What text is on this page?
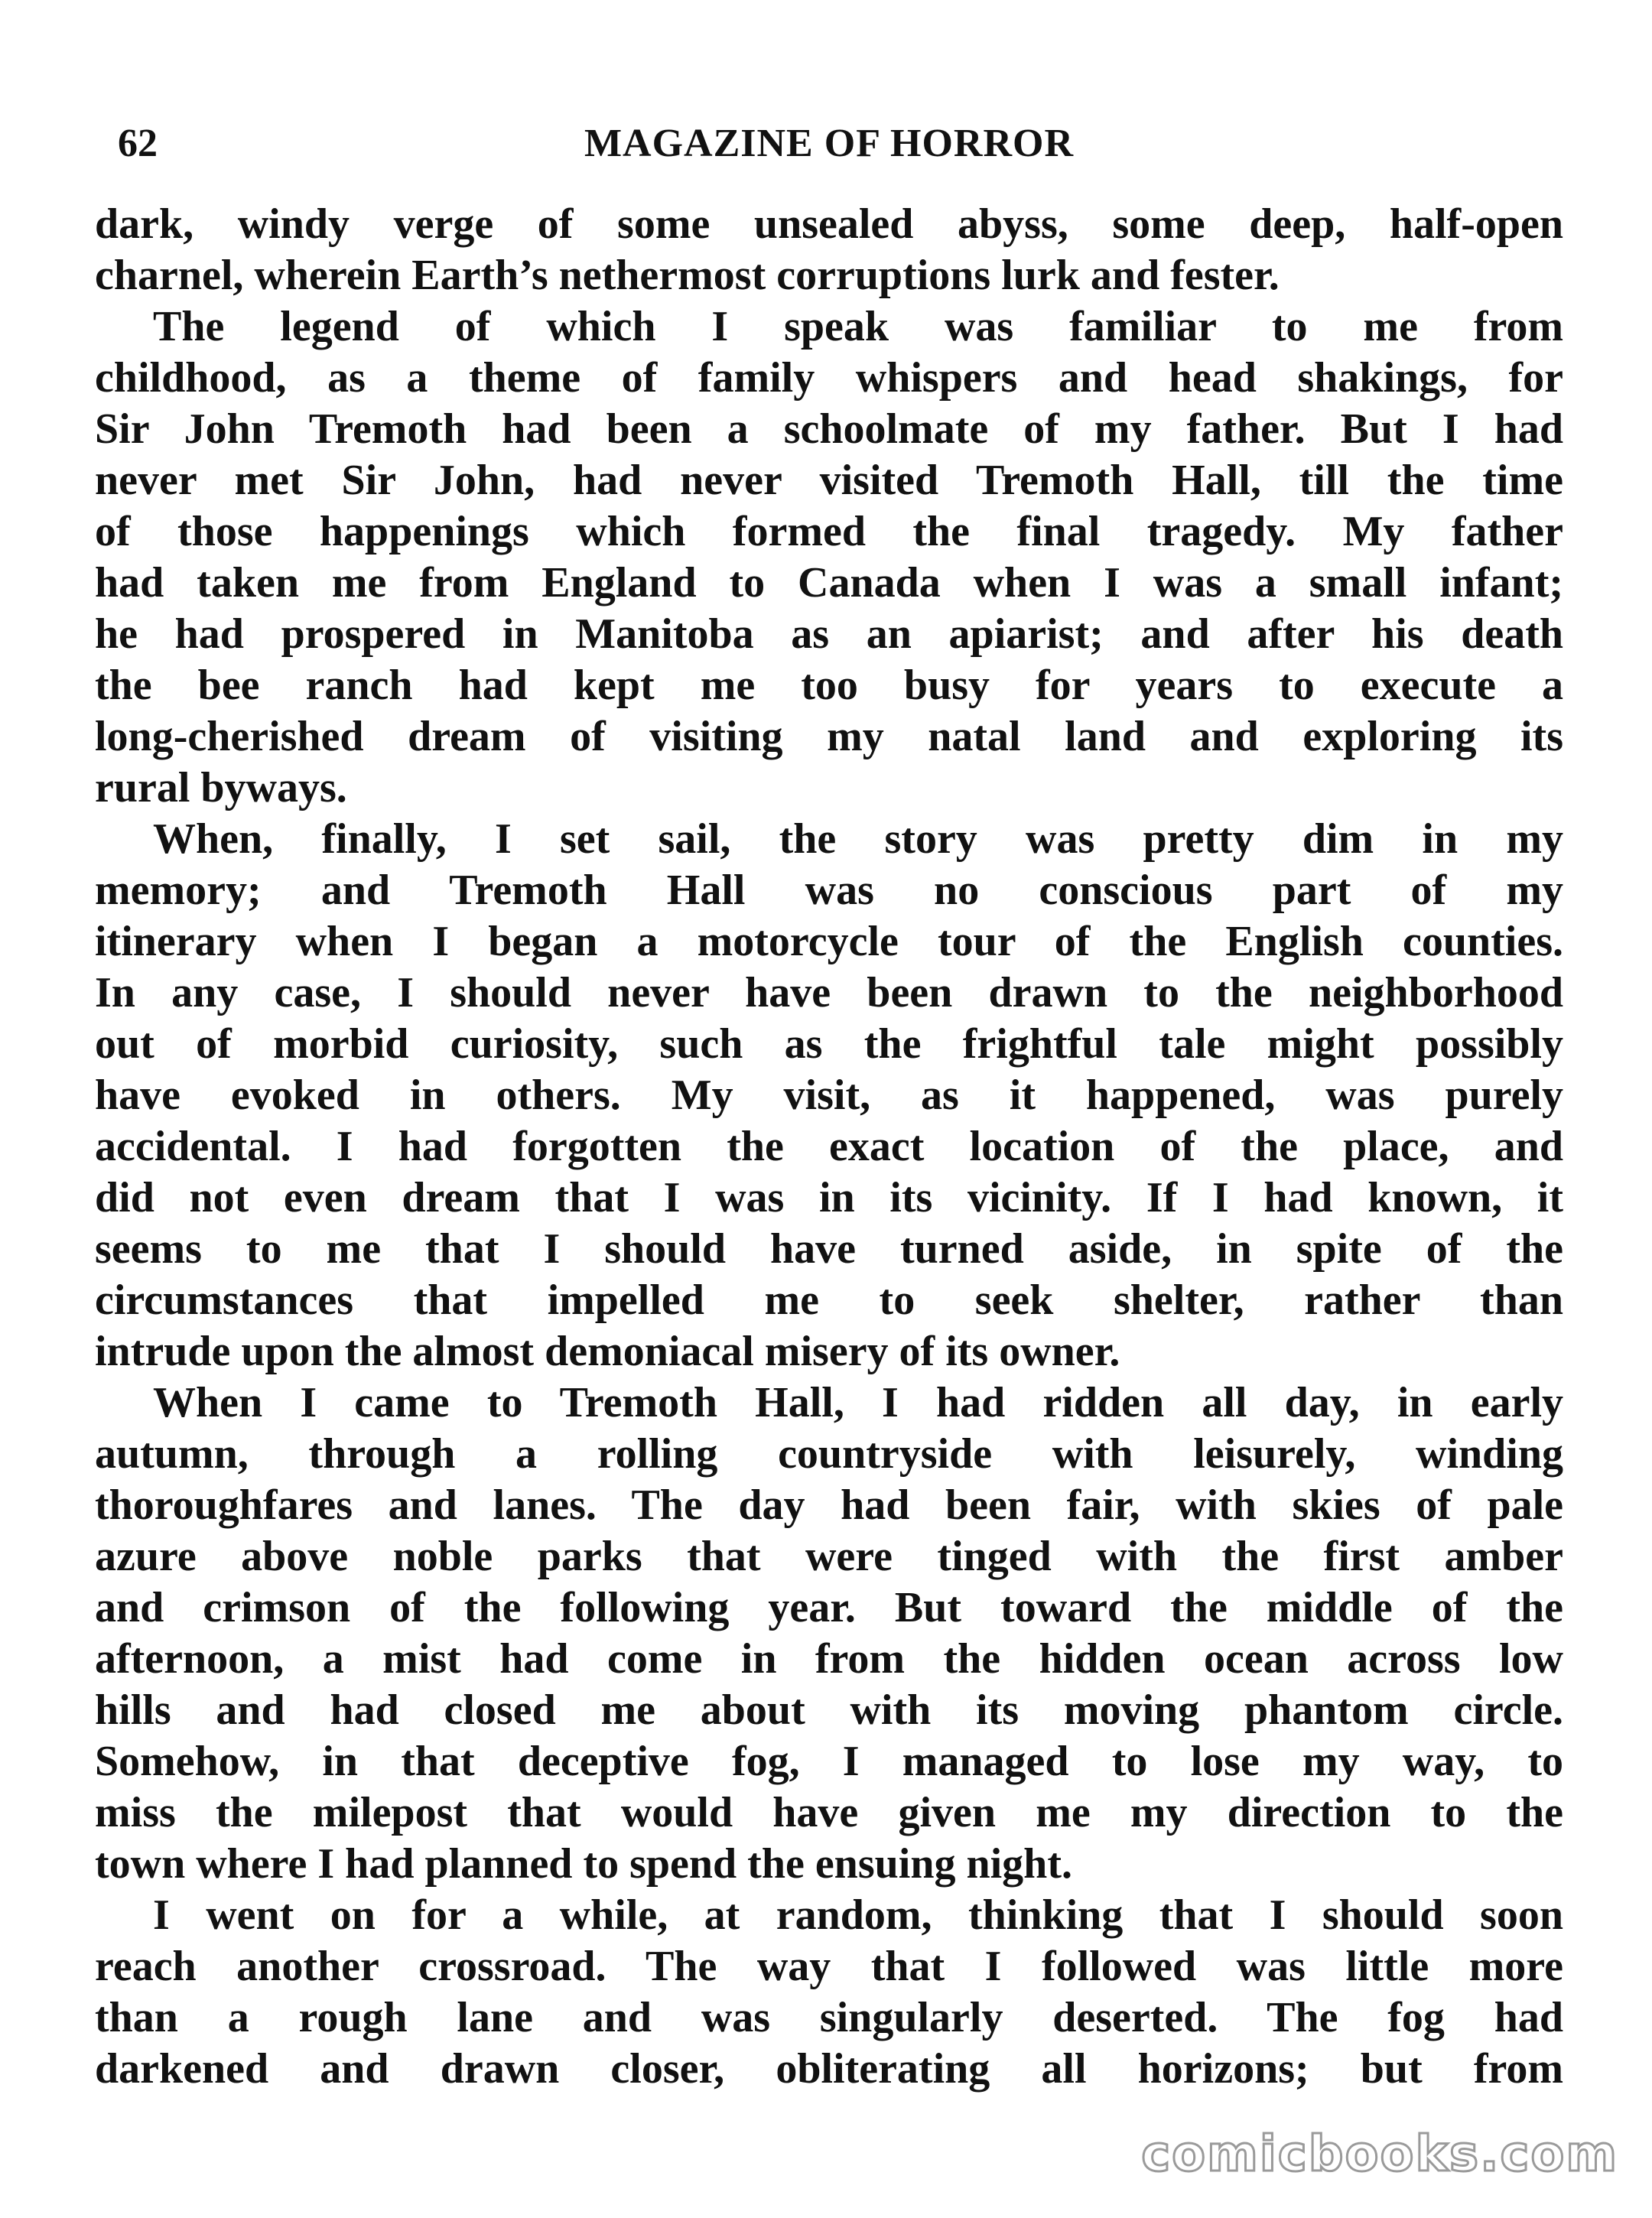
62	MAGAZINE OF HORROR
dark, windy verge of some unsealed abyss, some deep, half-open
charnel, wherein Earth’s nethermost corruptions lurk and fester.
The legend of which I speak was familiar to me from
childhood, as a theme of family whispers and head shakings, for
Sir John Tremoth had been a schoolmate of my father. But I had
never met Sir John, had never visited Tremoth Hall, till the time
of those happenings which formed the final tragedy. My father
had taken me from England to Canada when I was a small infant;
he had prospered in Manitoba as an apiarist; and after his death
the bee ranch had kept me too busy for years to execute a
long-cherished dream of visiting my natal land and exploring its
rural byways.
When, finally, I set sail, the story was pretty dim in my
memory; and Tremoth Hall was no conscious part of my
itinerary when I began a motorcycle tour of the English counties.
In any case, I should never have been drawn to the neighborhood
out of morbid curiosity, such as the frightful tale might possibly
have evoked in others. My visit, as it happened, was purely
accidental. I had forgotten the exact location of the place, and
did not even dream that I was in its vicinity. If I had known, it
seems to me that I should have turned aside, in spite of the
circumstances that impelled me to seek shelter, rather than
intrude upon the almost demoniacal misery of its owner.
When I came to Tremoth Hall, I had ridden all day, in early
autumn, through a rolling countryside with leisurely, winding
thoroughfares and lanes. The day had been fair, with skies of pale
azure above noble parks that were tinged with the first amber
and crimson of the following year. But toward the middle of the
afternoon, a mist had come in from the hidden ocean across low
hills and had closed me about with its moving phantom circle.
Somehow, in that deceptive fog, I managed to lose my way, to
miss the milepost that would have given me my direction to the
town where I had planned to spend the ensuing night.
I went on for a while, at random, thinking that I should soon
reach another crossroad. The way that I followed was little more
than a rough lane and was singularly deserted. The fog had
darkened and drawn closer, obliterating all horizons; but from
comicbooks.com
